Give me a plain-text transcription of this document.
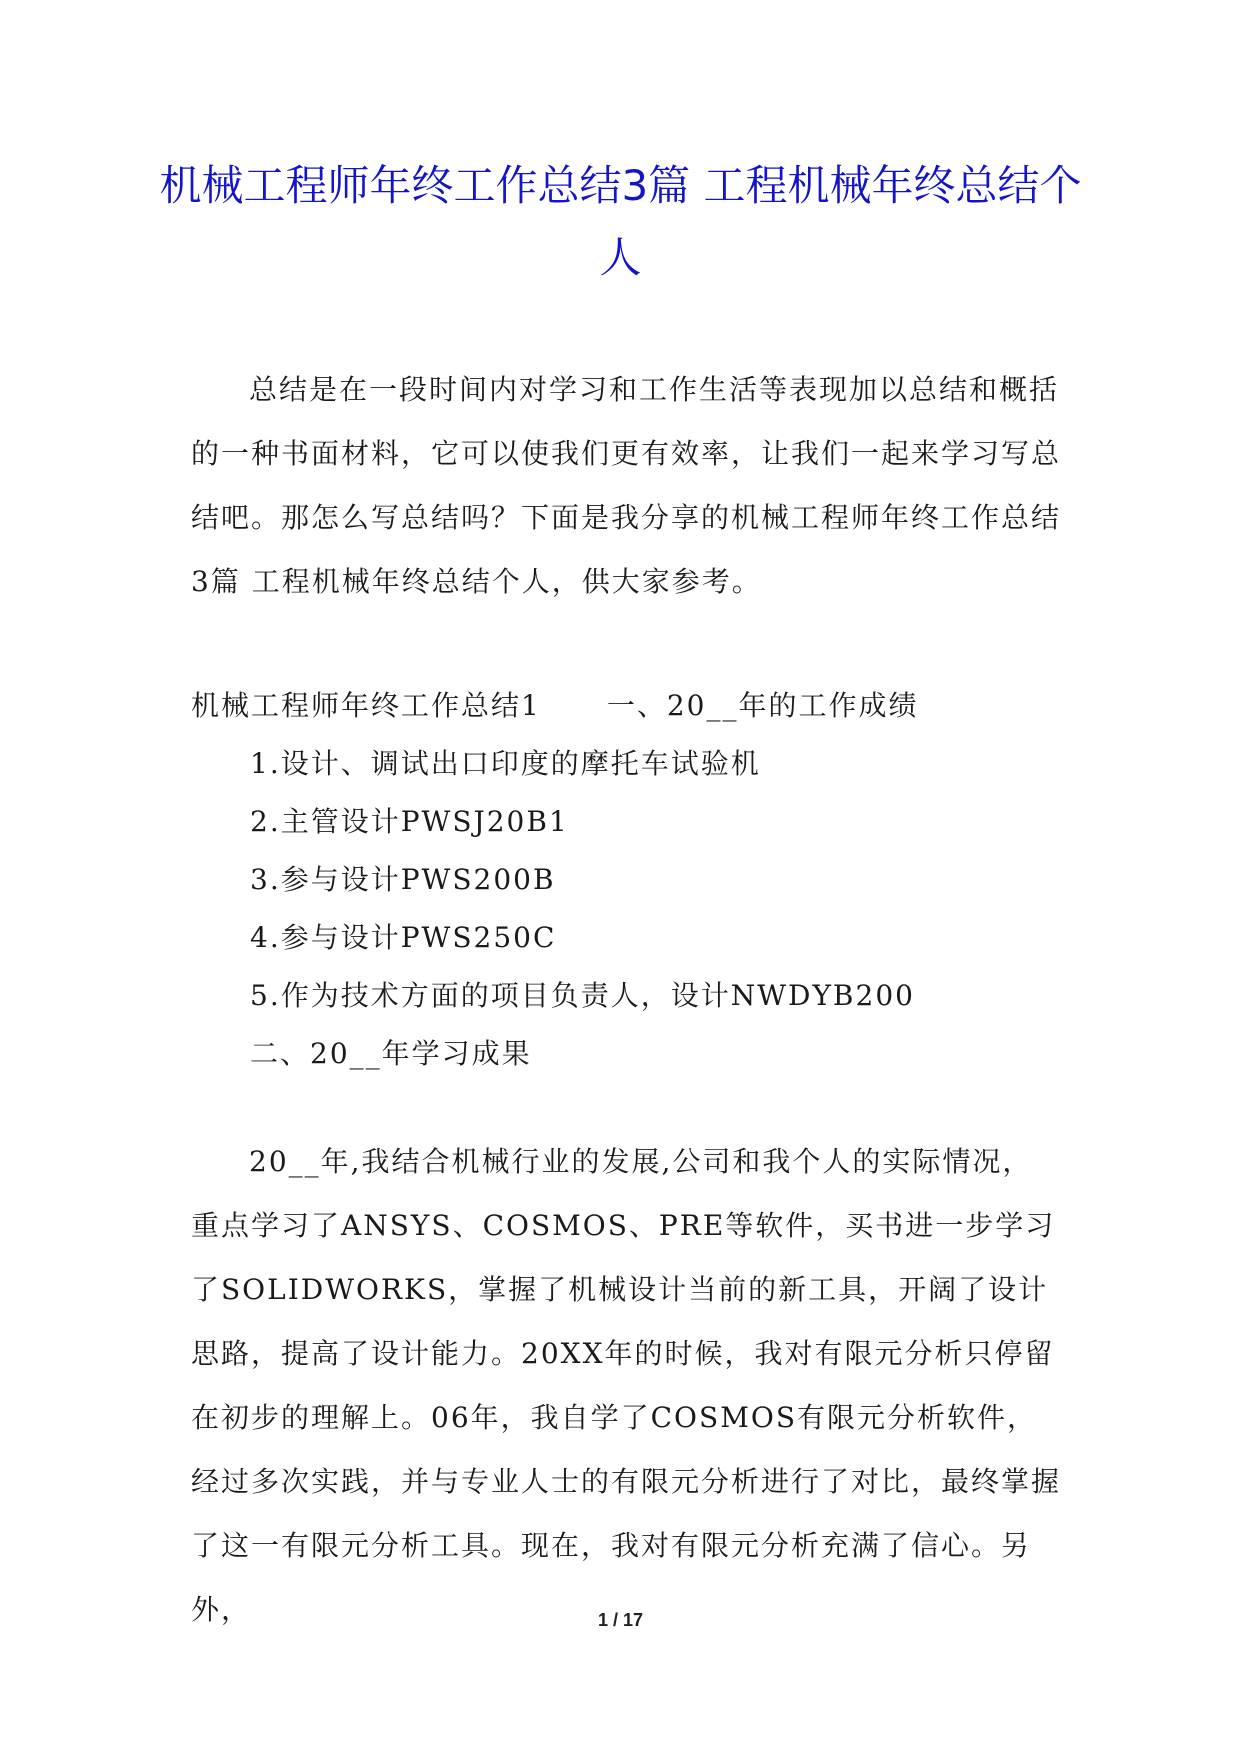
机械工程师年终工作总结3篇 工程机械年终总结个人

总结是在一段时间内对学习和工作生活等表现加以总结和概括的一种书面材料，它可以使我们更有效率，让我们一起来学习写总结吧。那怎么写总结吗？下面是我分享的机械工程师年终工作总结3篇 工程机械年终总结个人，供大家参考。

机械工程师年终工作总结1 一、20__年的工作成绩
1.设计、调试出口印度的摩托车试验机
2.主管设计PWSJ20B1
3.参与设计PWS200B
4.参与设计PWS250C
5.作为技术方面的项目负责人，设计NWDYB200
二、20__年学习成果

20__年,我结合机械行业的发展,公司和我个人的实际情况，重点学习了ANSYS、COSMOS、PRE等软件，买书进一步学习了SOLIDWORKS，掌握了机械设计当前的新工具，开阔了设计思路，提高了设计能力。20XX年的时候，我对有限元分析只停留在初步的理解上。06年，我自学了COSMOS有限元分析软件，经过多次实践，并与专业人士的有限元分析进行了对比，最终掌握了这一有限元分析工具。现在，我对有限元分析充满了信心。另外，	1 / 17
